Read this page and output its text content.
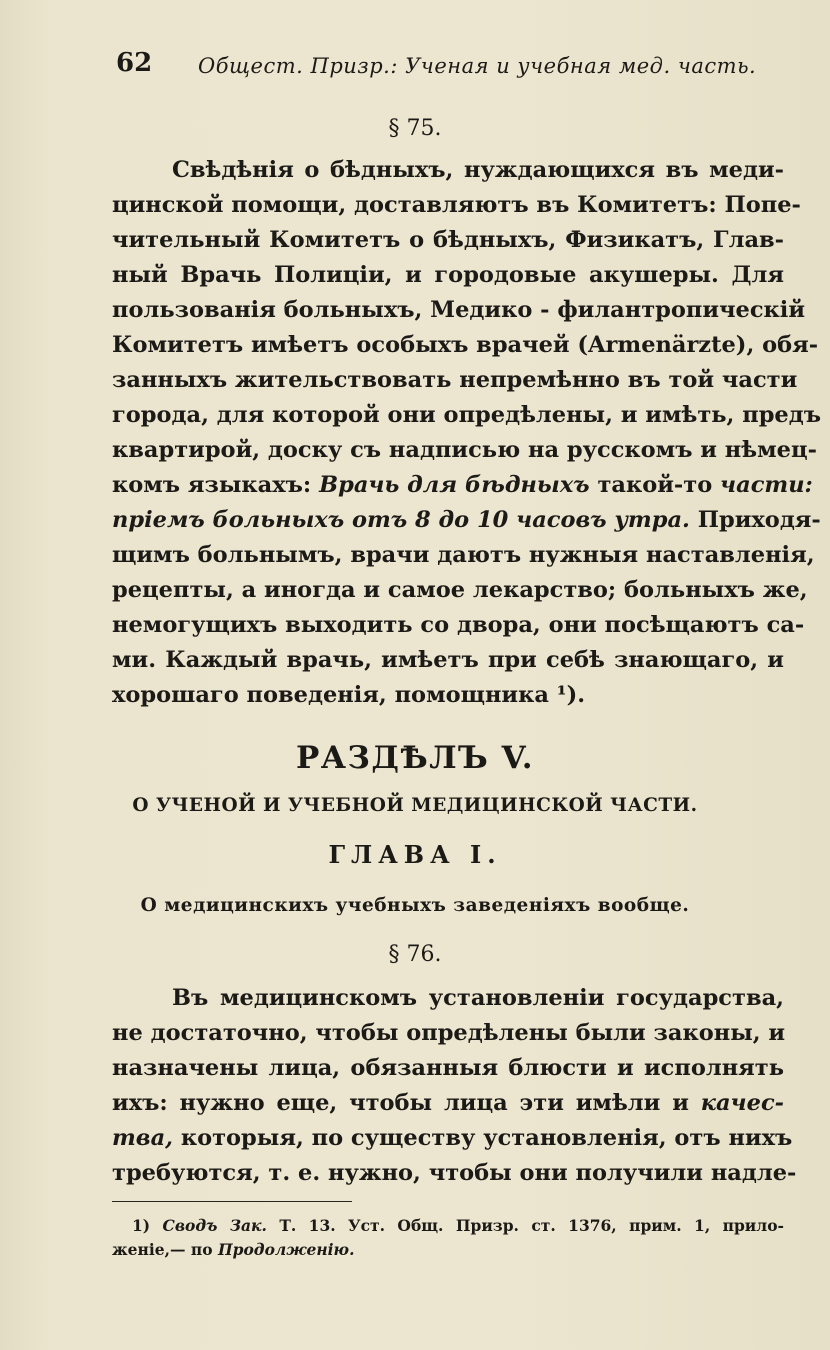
62 Общест. Призр.: Ученая и учебная мед. часть.
§ 75.
Свѣдѣнія о бѣдныхъ, нуждающихся въ меди-
цинской помощи, доставляютъ въ Комитетъ: Попе-
чительный Комитетъ о бѣдныхъ, Физикатъ, Глав-
ный Врачь Полиціи, и городовые акушеры. Для
пользованія больныхъ, Медико - филантропическій
Комитетъ имѣетъ особыхъ врачей (Armenärzte), обя-
занныхъ жительствовать непремѣнно въ той части
города, для которой они опредѣлены, и имѣть, предъ
квартирой, доску съ надписью на русскомъ и нѣмец-
комъ языкахъ: Врачь для бѣдныхъ такой-то части:
пріемъ больныхъ отъ 8 до 10 часовъ утра. Приходя-
щимъ больнымъ, врачи даютъ нужныя наставленія,
рецепты, а иногда и самое лекарство; больныхъ же,
немогущихъ выходить со двора, они посѣщаютъ са-
ми. Каждый врачь, имѣетъ при себѣ знающаго, и
хорошаго поведенія, помощника ¹).
РАЗДѢЛЪ V.
О УЧЕНОЙ И УЧЕБНОЙ МЕДИЦИНСКОЙ ЧАСТИ.
ГЛАВА I.
О медицинскихъ учебныхъ заведеніяхъ вообще.
§ 76.
Въ медицинскомъ установленіи государства,
не достаточно, чтобы опредѣлены были законы, и
назначены лица, обязанныя блюсти и исполнять
ихъ: нужно еще, чтобы лица эти имѣли и качес-
тва, которыя, по существу установленія, отъ нихъ
требуются, т. е. нужно, чтобы они получили надле-
1) Сводъ Зак. Т. 13. Уст. Общ. Призр. ст. 1376, прим. 1, прило-
женіе,— по Продолженію.
